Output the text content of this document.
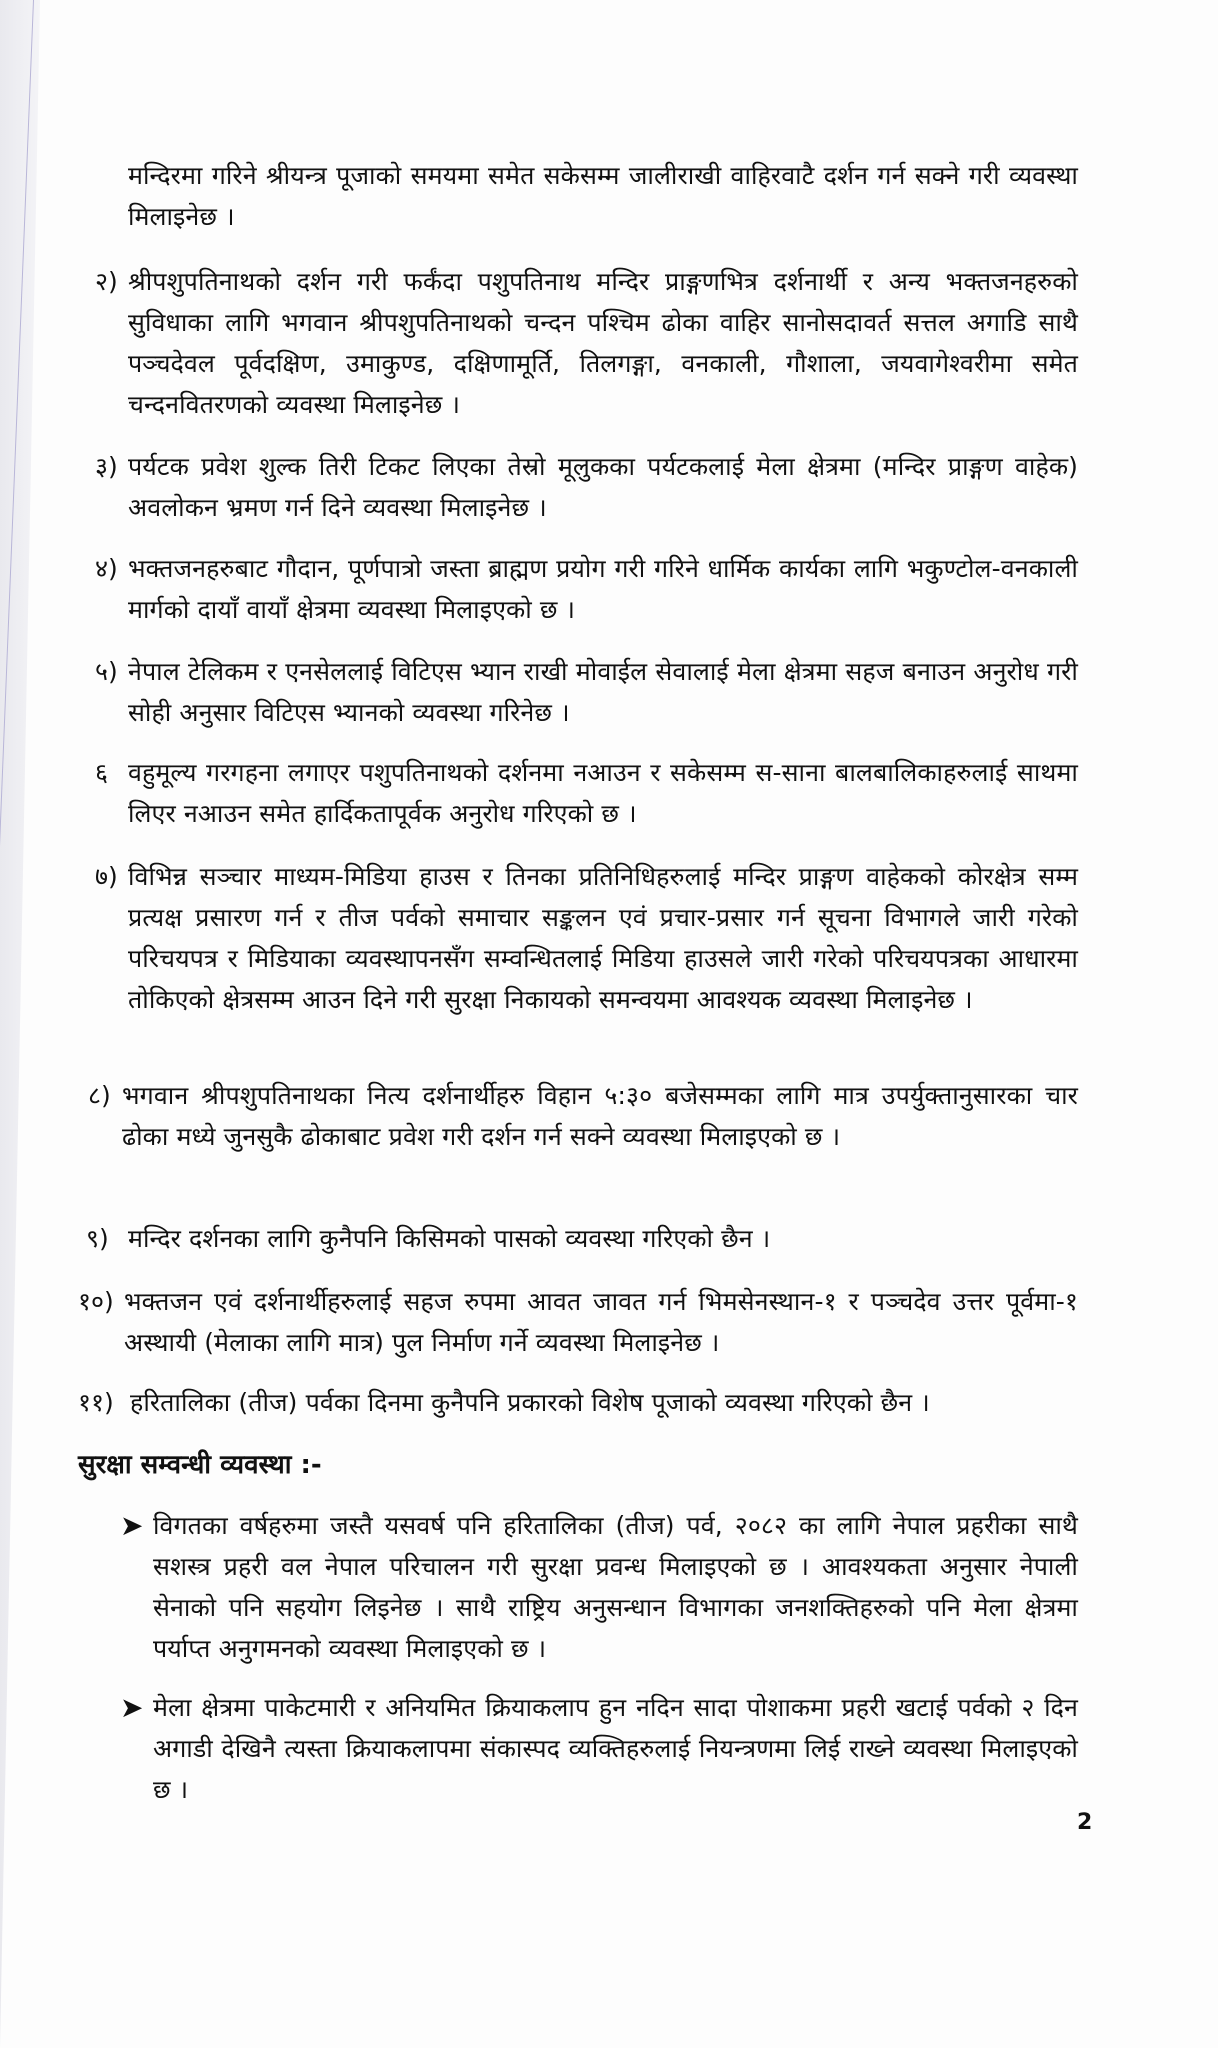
मन्दिरमा गरिने श्रीयन्त्र पूजाको समयमा समेत सकेसम्म जालीराखी वाहिरवाटै दर्शन गर्न सक्ने गरी व्यवस्था मिलाइनेछ ।
२) श्रीपशुपतिनाथको दर्शन गरी फर्कंदा पशुपतिनाथ मन्दिर प्राङ्गणभित्र दर्शनार्थी र अन्य भक्तजनहरुको सुविधाका लागि भगवान श्रीपशुपतिनाथको चन्दन पश्चिम ढोका वाहिर सानोसदावर्त सत्तल अगाडि साथै पञ्चदेवल पूर्वदक्षिण, उमाकुण्ड, दक्षिणामूर्ति, तिलगङ्गा, वनकाली, गौशाला, जयवागेश्वरीमा समेत चन्दनवितरणको व्यवस्था मिलाइनेछ ।
३) पर्यटक प्रवेश शुल्क तिरी टिकट लिएका तेस्रो मूलुकका पर्यटकलाई मेला क्षेत्रमा (मन्दिर प्राङ्गण वाहेक) अवलोकन भ्रमण गर्न दिने व्यवस्था मिलाइनेछ ।
४) भक्तजनहरुबाट गौदान, पूर्णपात्रो जस्ता ब्राह्मण प्रयोग गरी गरिने धार्मिक कार्यका लागि भकुण्टोल-वनकाली मार्गको दायाँ वायाँ क्षेत्रमा व्यवस्था मिलाइएको छ ।
५) नेपाल टेलिकम र एनसेललाई विटिएस भ्यान राखी मोवाईल सेवालाई मेला क्षेत्रमा सहज बनाउन अनुरोध गरी सोही अनुसार विटिएस भ्यानको व्यवस्था गरिनेछ ।
६ वहुमूल्य गरगहना लगाएर पशुपतिनाथको दर्शनमा नआउन र सकेसम्म स-साना बालबालिकाहरुलाई साथमा लिएर नआउन समेत हार्दिकतापूर्वक अनुरोध गरिएको छ ।
७) विभिन्न सञ्चार माध्यम-मिडिया हाउस र तिनका प्रतिनिधिहरुलाई मन्दिर प्राङ्गण वाहेकको कोरक्षेत्र सम्म प्रत्यक्ष प्रसारण गर्न र तीज पर्वको समाचार सङ्कलन एवं प्रचार-प्रसार गर्न सूचना विभागले जारी गरेको परिचयपत्र र मिडियाका व्यवस्थापनसँग सम्वन्धितलाई मिडिया हाउसले जारी गरेको परिचयपत्रका आधारमा तोकिएको क्षेत्रसम्म आउन दिने गरी सुरक्षा निकायको समन्वयमा आवश्यक व्यवस्था मिलाइनेछ ।
८) भगवान श्रीपशुपतिनाथका नित्य दर्शनार्थीहरु विहान ५:३० बजेसम्मका लागि मात्र उपर्युक्तानुसारका चार ढोका मध्ये जुनसुकै ढोकाबाट प्रवेश गरी दर्शन गर्न सक्ने व्यवस्था मिलाइएको छ ।
९) मन्दिर दर्शनका लागि कुनैपनि किसिमको पासको व्यवस्था गरिएको छैन ।
१०) भक्तजन एवं दर्शनार्थीहरुलाई सहज रुपमा आवत जावत गर्न भिमसेनस्थान-१ र पञ्चदेव उत्तर पूर्वमा-१ अस्थायी (मेलाका लागि मात्र) पुल निर्माण गर्ने व्यवस्था मिलाइनेछ ।
११) हरितालिका (तीज) पर्वका दिनमा कुनैपनि प्रकारको विशेष पूजाको व्यवस्था गरिएको छैन ।
सुरक्षा सम्वन्धी व्यवस्था :-
➤ विगतका वर्षहरुमा जस्तै यसवर्ष पनि हरितालिका (तीज) पर्व, २०८२ का लागि नेपाल प्रहरीका साथै सशस्त्र प्रहरी वल नेपाल परिचालन गरी सुरक्षा प्रवन्ध मिलाइएको छ । आवश्यकता अनुसार नेपाली सेनाको पनि सहयोग लिइनेछ । साथै राष्ट्रिय अनुसन्धान विभागका जनशक्तिहरुको पनि मेला क्षेत्रमा पर्याप्त अनुगमनको व्यवस्था मिलाइएको छ ।
➤ मेला क्षेत्रमा पाकेटमारी र अनियमित क्रियाकलाप हुन नदिन सादा पोशाकमा प्रहरी खटाई पर्वको २ दिन अगाडी देखिनै त्यस्ता क्रियाकलापमा संकास्पद व्यक्तिहरुलाई नियन्त्रणमा लिई राख्ने व्यवस्था मिलाइएको छ ।
2
